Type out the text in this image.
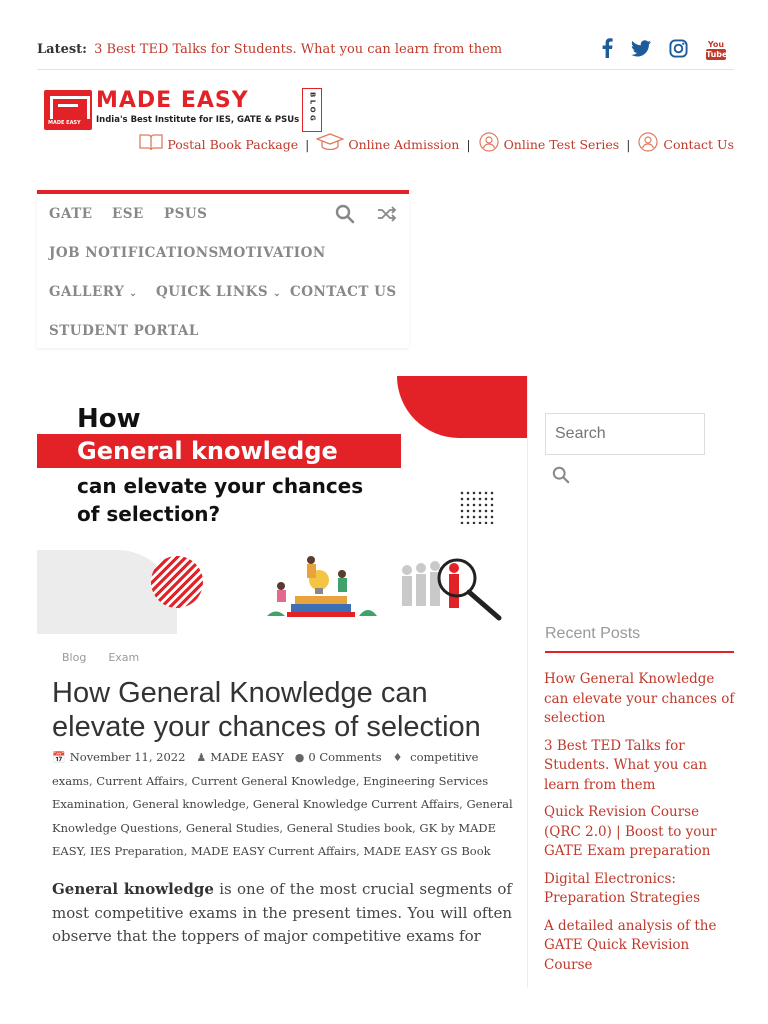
Latest: 3 Best TED Talks for Students. What you can learn from them	You
Tube
MADE EASY
MADE EASY
India's Best Institute for IES, GATE & PSUs	B L O G
Postal Book Package |	Online Admission |	Online Test Series |	Contact Us
GATE ESE PSUS
JOB NOTIFICATIONS MOTIVATION
GALLERY ⌄ QUICK LINKS ⌄ CONTACT US
STUDENT PORTAL
How
General knowledge
can elevate your chances
of selection?
Blog Exam
How General Knowledge can elevate your chances of selection
📅 November 11, 2022 ♟ MADE EASY ● 0 Comments ♦ competitive exams, Current Affairs, Current General Knowledge, Engineering Services Examination, General knowledge, General Knowledge Current Affairs, General Knowledge Questions, General Studies, General Studies book, GK by MADE EASY, IES Preparation, MADE EASY Current Affairs, MADE EASY GS Book
General knowledge is one of the most crucial segments of most competitive exams in the present times. You will often observe that the toppers of major competitive exams for
Search
Recent Posts
How General Knowledge can elevate your chances of selection
3 Best TED Talks for Students. What you can learn from them
Quick Revision Course (QRC 2.0) | Boost to your GATE Exam preparation
Digital Electronics: Preparation Strategies
A detailed analysis of the GATE Quick Revision Course
